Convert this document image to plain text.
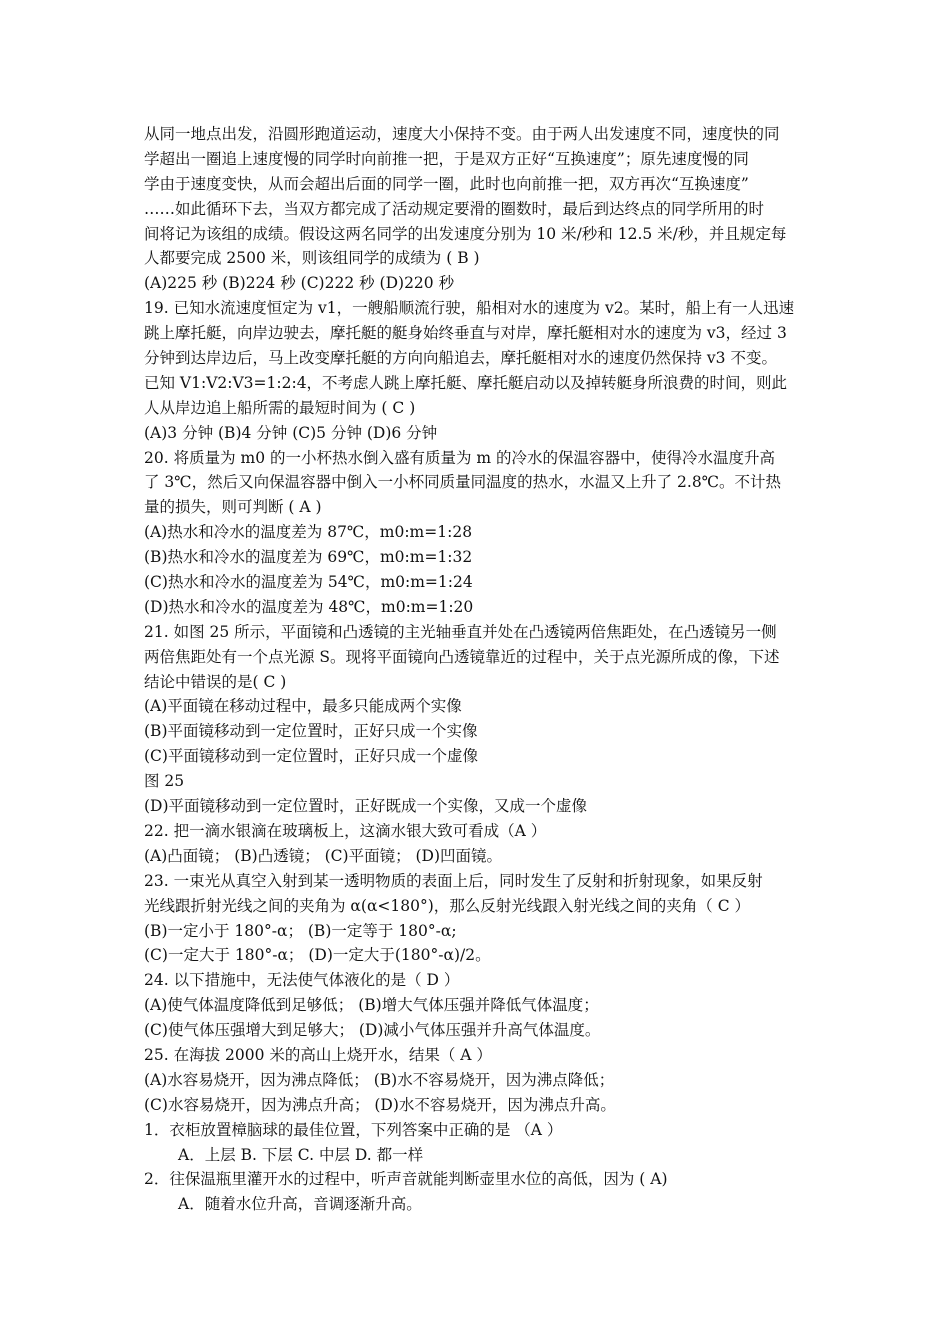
从同一地点出发，沿圆形跑道运动，速度大小保持不变。由于两人出发速度不同，速度快的同
学超出一圈追上速度慢的同学时向前推一把，于是双方正好“互换速度”；原先速度慢的同
学由于速度变快，从而会超出后面的同学一圈，此时也向前推一把，双方再次“互换速度”
……如此循环下去，当双方都完成了活动规定要滑的圈数时，最后到达终点的同学所用的时
间将记为该组的成绩。假设这两名同学的出发速度分别为 10 米/秒和 12.5 米/秒，并且规定每
人都要完成 2500 米，则该组同学的成绩为 ( B )
(A)225 秒 (B)224 秒 (C)222 秒 (D)220 秒
19. 已知水流速度恒定为 v1，一艘船顺流行驶，船相对水的速度为 v2。某时，船上有一人迅速
跳上摩托艇，向岸边驶去，摩托艇的艇身始终垂直与对岸，摩托艇相对水的速度为 v3，经过 3
分钟到达岸边后，马上改变摩托艇的方向向船追去，摩托艇相对水的速度仍然保持 v3 不变。
已知 V1:V2:V3=1:2:4，不考虑人跳上摩托艇、摩托艇启动以及掉转艇身所浪费的时间，则此
人从岸边追上船所需的最短时间为 ( C )
(A)3 分钟 (B)4 分钟 (C)5 分钟 (D)6 分钟
20. 将质量为 m0 的一小杯热水倒入盛有质量为 m 的冷水的保温容器中，使得冷水温度升高
了 3℃，然后又向保温容器中倒入一小杯同质量同温度的热水，水温又上升了 2.8℃。不计热
量的损失，则可判断 ( A )
(A)热水和冷水的温度差为 87℃，m0:m=1:28
(B)热水和冷水的温度差为 69℃，m0:m=1:32
(C)热水和冷水的温度差为 54℃，m0:m=1:24
(D)热水和冷水的温度差为 48℃，m0:m=1:20
21. 如图 25 所示，平面镜和凸透镜的主光轴垂直并处在凸透镜两倍焦距处，在凸透镜另一侧
两倍焦距处有一个点光源 S。现将平面镜向凸透镜靠近的过程中，关于点光源所成的像，下述
结论中错误的是( C )
(A)平面镜在移动过程中，最多只能成两个实像
(B)平面镜移动到一定位置时，正好只成一个实像
(C)平面镜移动到一定位置时，正好只成一个虚像
图 25
(D)平面镜移动到一定位置时，正好既成一个实像，又成一个虚像
22. 把一滴水银滴在玻璃板上，这滴水银大致可看成（A ）
(A)凸面镜； (B)凸透镜； (C)平面镜； (D)凹面镜。
23. 一束光从真空入射到某一透明物质的表面上后，同时发生了反射和折射现象，如果反射
光线跟折射光线之间的夹角为 α(α<180°)，那么反射光线跟入射光线之间的夹角（ C ）
(B)一定小于 180°-α； (B)一定等于 180°-α;
(C)一定大于 180°-α； (D)一定大于(180°-α)/2。
24. 以下措施中，无法使气体液化的是（ D ）
(A)使气体温度降低到足够低； (B)增大气体压强并降低气体温度；
(C)使气体压强增大到足够大； (D)减小气体压强并升高气体温度。
25. 在海拔 2000 米的高山上烧开水，结果（ A ）
(A)水容易烧开，因为沸点降低； (B)水不容易烧开，因为沸点降低；
(C)水容易烧开，因为沸点升高； (D)水不容易烧开，因为沸点升高。
1．衣柜放置樟脑球的最佳位置，下列答案中正确的是 （A ）
A．上层 B. 下层 C. 中层 D. 都一样
2．往保温瓶里灌开水的过程中，听声音就能判断壶里水位的高低，因为 ( A)
A．随着水位升高，音调逐渐升高。
